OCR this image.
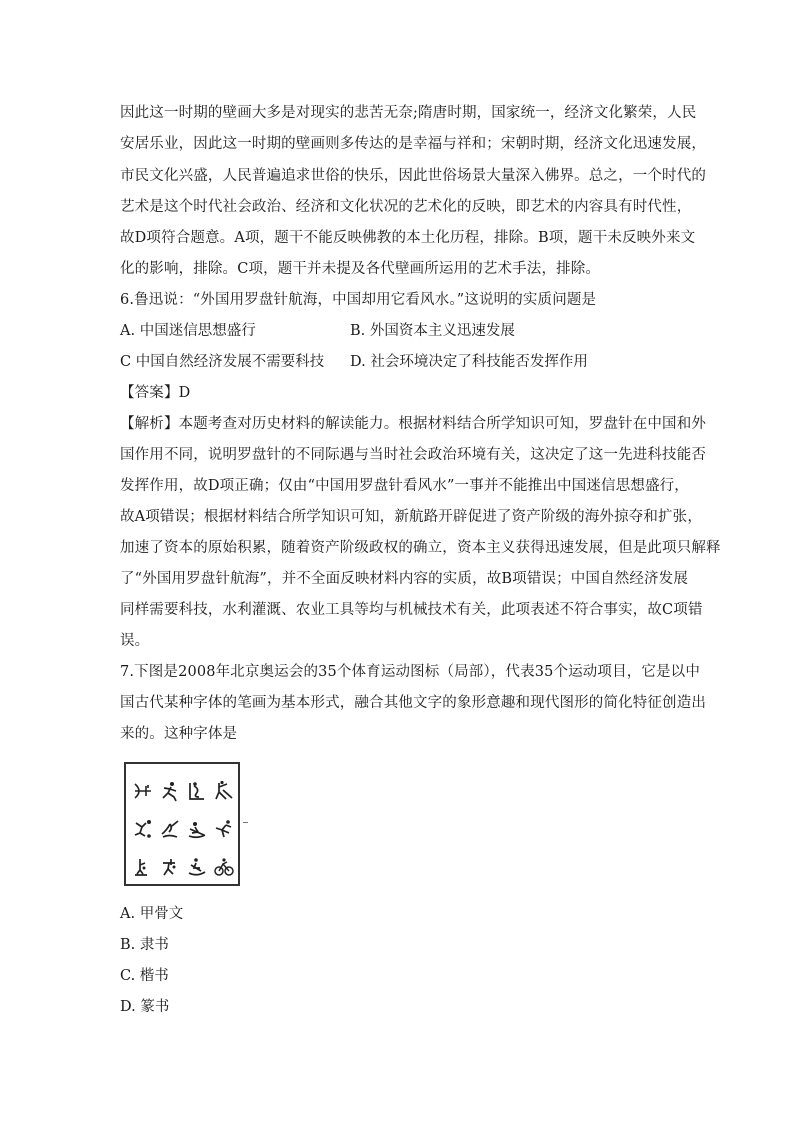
因此这一时期的壁画大多是对现实的悲苦无奈;隋唐时期，国家统一，经济文化繁荣，人民
安居乐业，因此这一时期的壁画则多传达的是幸福与祥和；宋朝时期，经济文化迅速发展，
市民文化兴盛，人民普遍追求世俗的快乐，因此世俗场景大量深入佛界。总之，一个时代的
艺术是这个时代社会政治、经济和文化状况的艺术化的反映，即艺术的内容具有时代性，
故D项符合题意。A项，题干不能反映佛教的本土化历程，排除。B项，题干未反映外来文
化的影响，排除。C项，题干并未提及各代壁画所运用的艺术手法，排除。
6.鲁迅说：“外国用罗盘针航海，中国却用它看风水。”这说明的实质问题是
A. 中国迷信思想盛行	B. 外国资本主义迅速发展
C 中国自然经济发展不需要科技 D. 社会环境决定了科技能否发挥作用
【答案】D
【解析】本题考查对历史材料的解读能力。根据材料结合所学知识可知，罗盘针在中国和外
国作用不同，说明罗盘针的不同际遇与当时社会政治环境有关，这决定了这一先进科技能否
发挥作用，故D项正确；仅由“中国用罗盘针看风水”一事并不能推出中国迷信思想盛行，
故A项错误；根据材料结合所学知识可知，新航路开辟促进了资产阶级的海外掠夺和扩张，
加速了资本的原始积累，随着资产阶级政权的确立，资本主义获得迅速发展，但是此项只解释
了“外国用罗盘针航海”，并不全面反映材料内容的实质，故B项错误；中国自然经济发展
同样需要科技，水利灌溉、农业工具等均与机械技术有关，此项表述不符合事实，故C项错
误。
7.下图是2008年北京奥运会的35个体育运动图标（局部），代表35个运动项目，它是以中
国古代某种字体的笔画为基本形式，融合其他文字的象形意趣和现代图形的简化特征创造出
来的。这种字体是
A. 甲骨文
B. 隶书
C. 楷书
D. 篆书
